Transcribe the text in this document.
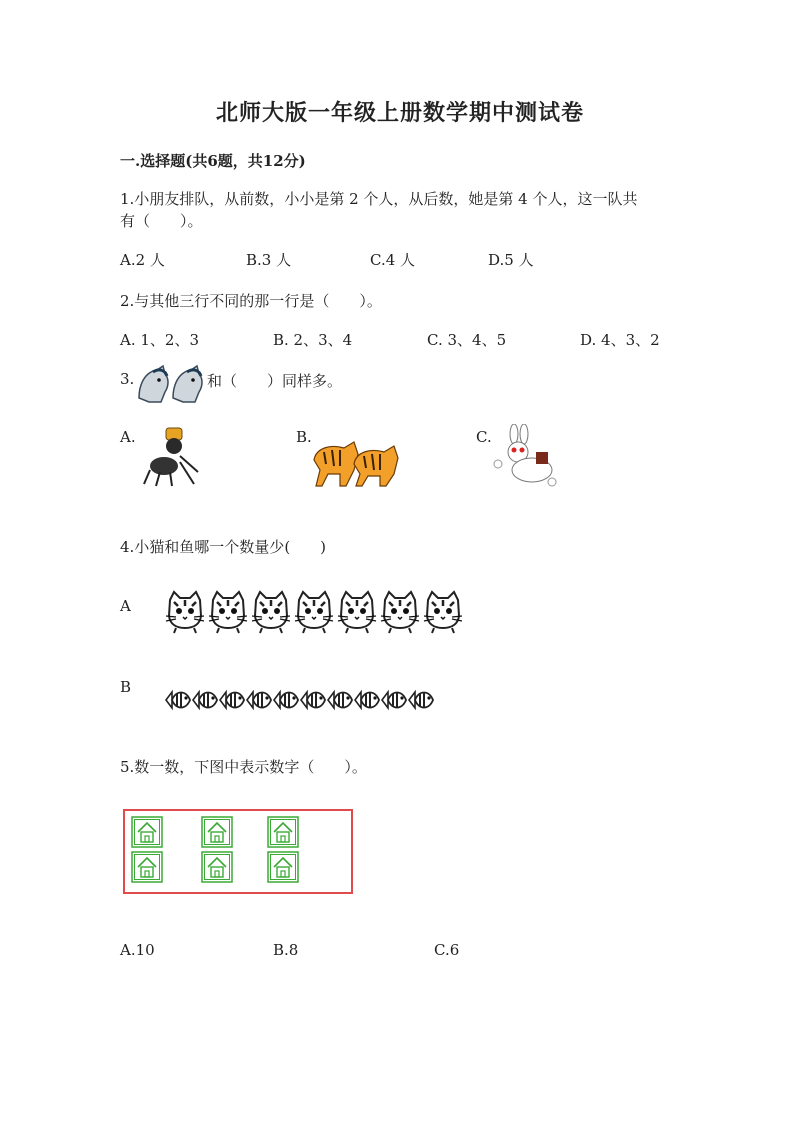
北师大版一年级上册数学期中测试卷
一.选择题(共6题，共12分)
1.小朋友排队，从前数，小小是第 2 个人，从后数，她是第 4 个人，这一队共
有（　　）。
A.2 人	B.3 人	C.4 人	D.5 人
2.与其他三行不同的那一行是（　　）。
A. 1、2、3	B. 2、3、4	C. 3、4、5	D. 4、3、2
3.	和（　　）同样多。
A.	B.	C.
4.小猫和鱼哪一个数量少(　　)
A
B
5.数一数，下图中表示数字（　　）。
A.10	B.8	C.6
